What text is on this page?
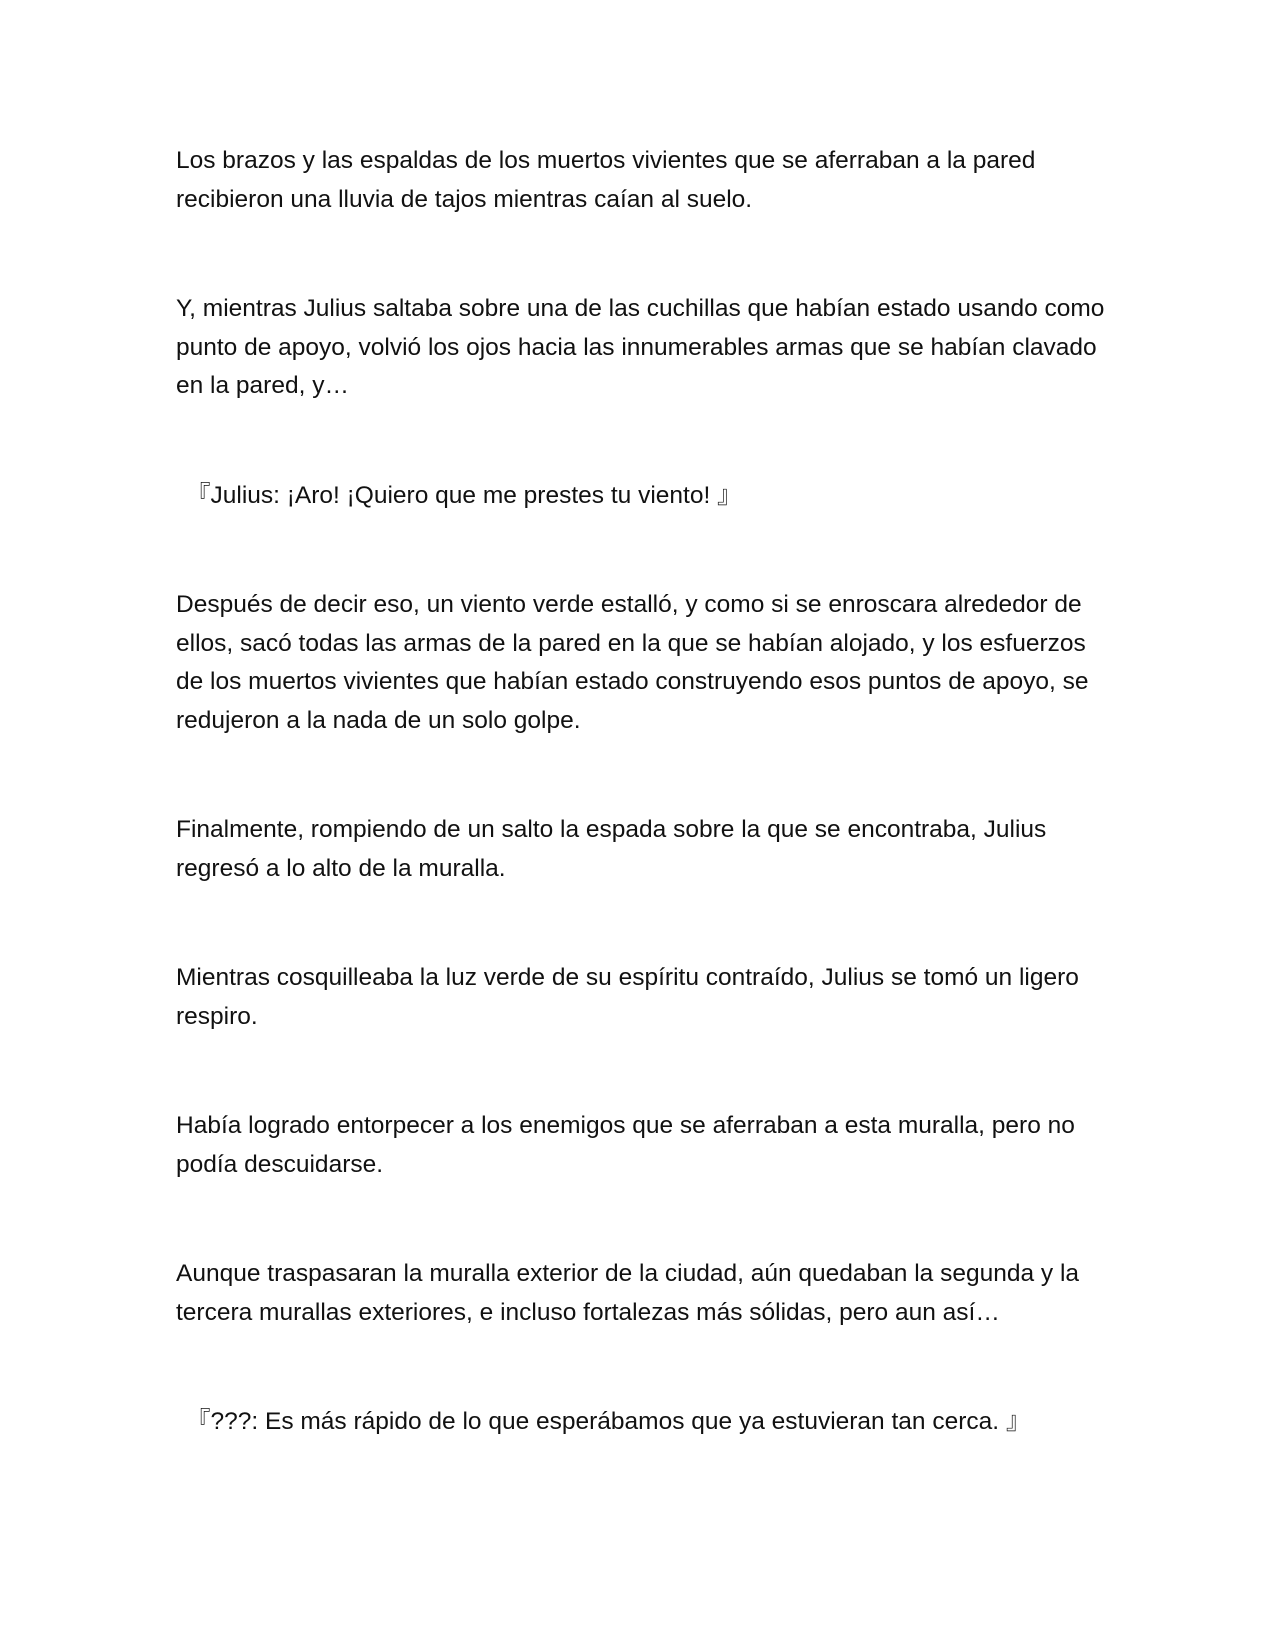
Los brazos y las espaldas de los muertos vivientes que se aferraban a la pared recibieron una lluvia de tajos mientras caían al suelo.

Y, mientras Julius saltaba sobre una de las cuchillas que habían estado usando como punto de apoyo, volvió los ojos hacia las innumerables armas que se habían clavado en la pared, y…

『Julius: ¡Aro! ¡Quiero que me prestes tu viento! 』

Después de decir eso, un viento verde estalló, y como si se enroscara alrededor de ellos, sacó todas las armas de la pared en la que se habían alojado, y los esfuerzos de los muertos vivientes que habían estado construyendo esos puntos de apoyo, se redujeron a la nada de un solo golpe.

Finalmente, rompiendo de un salto la espada sobre la que se encontraba, Julius regresó a lo alto de la muralla.

Mientras cosquilleaba la luz verde de su espíritu contraído, Julius se tomó un ligero respiro.

Había logrado entorpecer a los enemigos que se aferraban a esta muralla, pero no podía descuidarse.

Aunque traspasaran la muralla exterior de la ciudad, aún quedaban la segunda y la tercera murallas exteriores, e incluso fortalezas más sólidas, pero aun así…

『???: Es más rápido de lo que esperábamos que ya estuvieran tan cerca. 』
